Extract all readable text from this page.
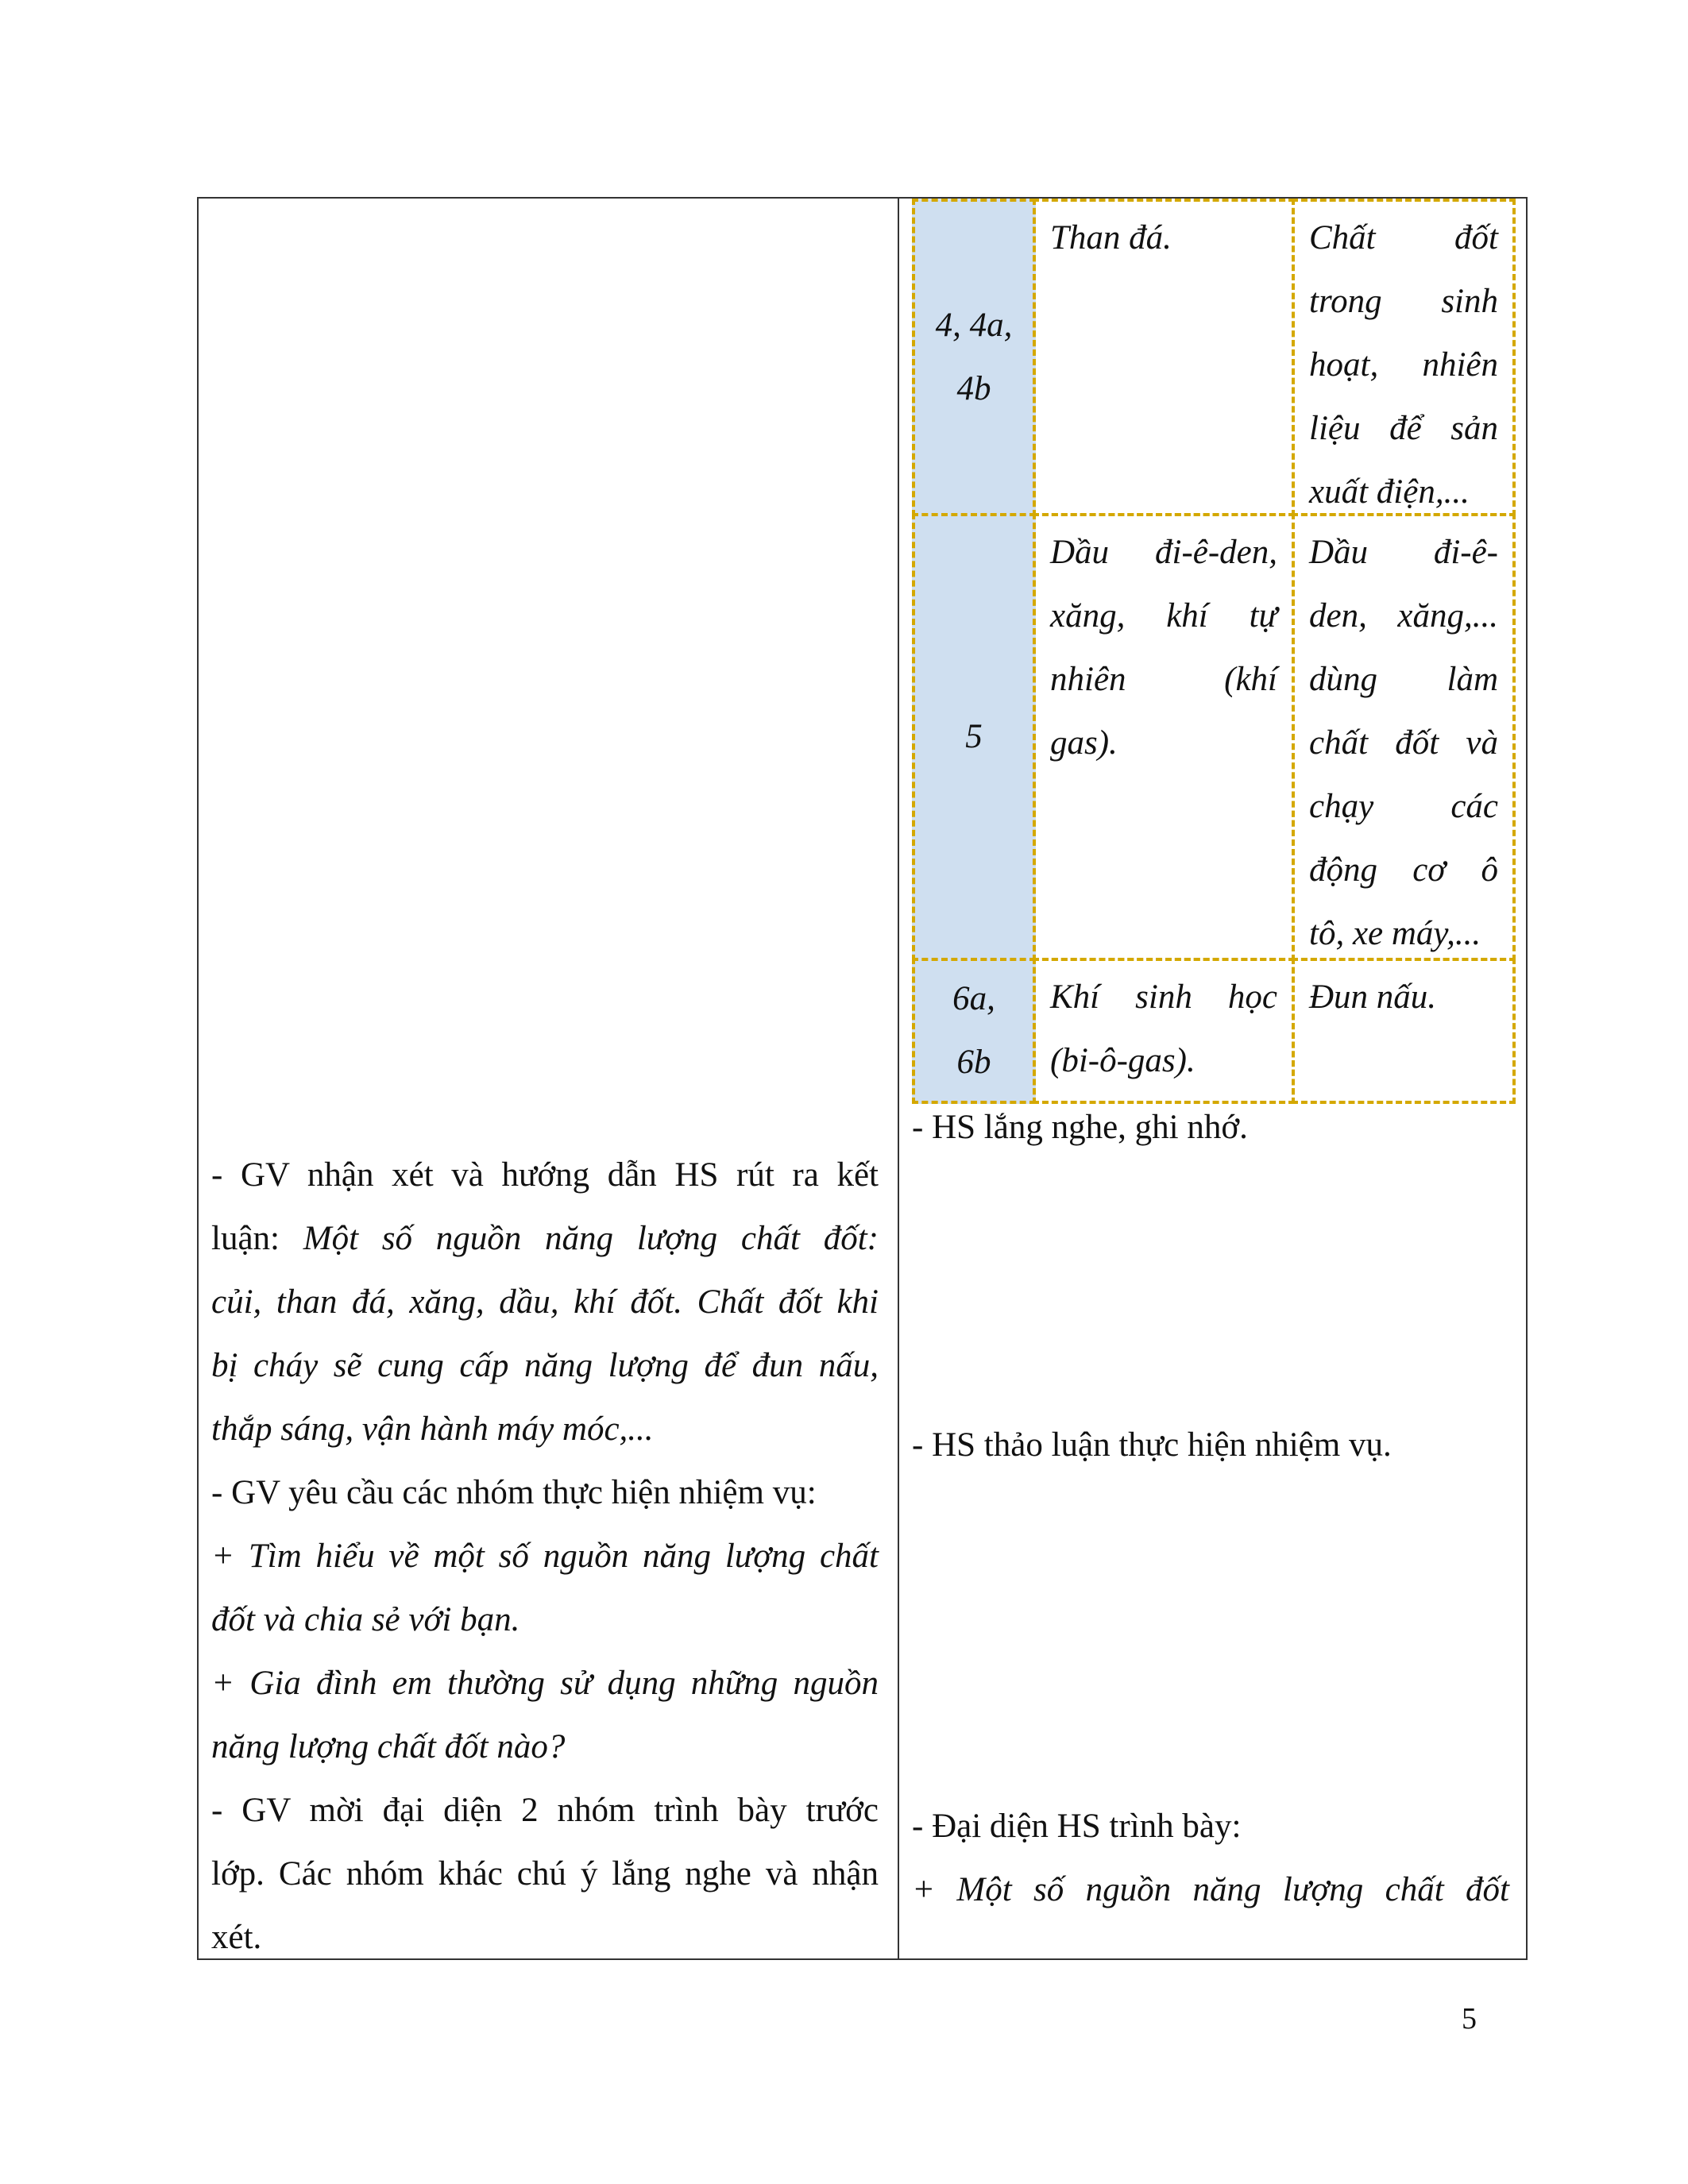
4, 4a,
4b
Than đá.	Chất đốt
trong sinh
hoạt, nhiên
liệu để sản
xuất điện,...
5
Dầu đi-ê-den,
xăng, khí tự
nhiên (khí
gas).
Dầu đi-ê-
den, xăng,...
dùng làm
chất đốt và
chạy các
động cơ ô
tô, xe máy,...
6a,
6b
Khí sinh học
(bi-ô-gas).
Đun nấu.
- GV nhận xét và hướng dẫn HS rút ra kết
luận: Một số nguồn năng lượng chất đốt:
củi, than đá, xăng, dầu, khí đốt. Chất đốt khi
bị cháy sẽ cung cấp năng lượng để đun nấu,
thắp sáng, vận hành máy móc,...
- GV yêu cầu các nhóm thực hiện nhiệm vụ:
+ Tìm hiểu về một số nguồn năng lượng chất
đốt và chia sẻ với bạn.
+ Gia đình em thường sử dụng những nguồn
năng lượng chất đốt nào?
- GV mời đại diện 2 nhóm trình bày trước
lớp. Các nhóm khác chú ý lắng nghe và nhận
xét.
- HS lắng nghe, ghi nhớ.
- HS thảo luận thực hiện nhiệm vụ.
- Đại diện HS trình bày:
+ Một số nguồn năng lượng chất đốt
5
